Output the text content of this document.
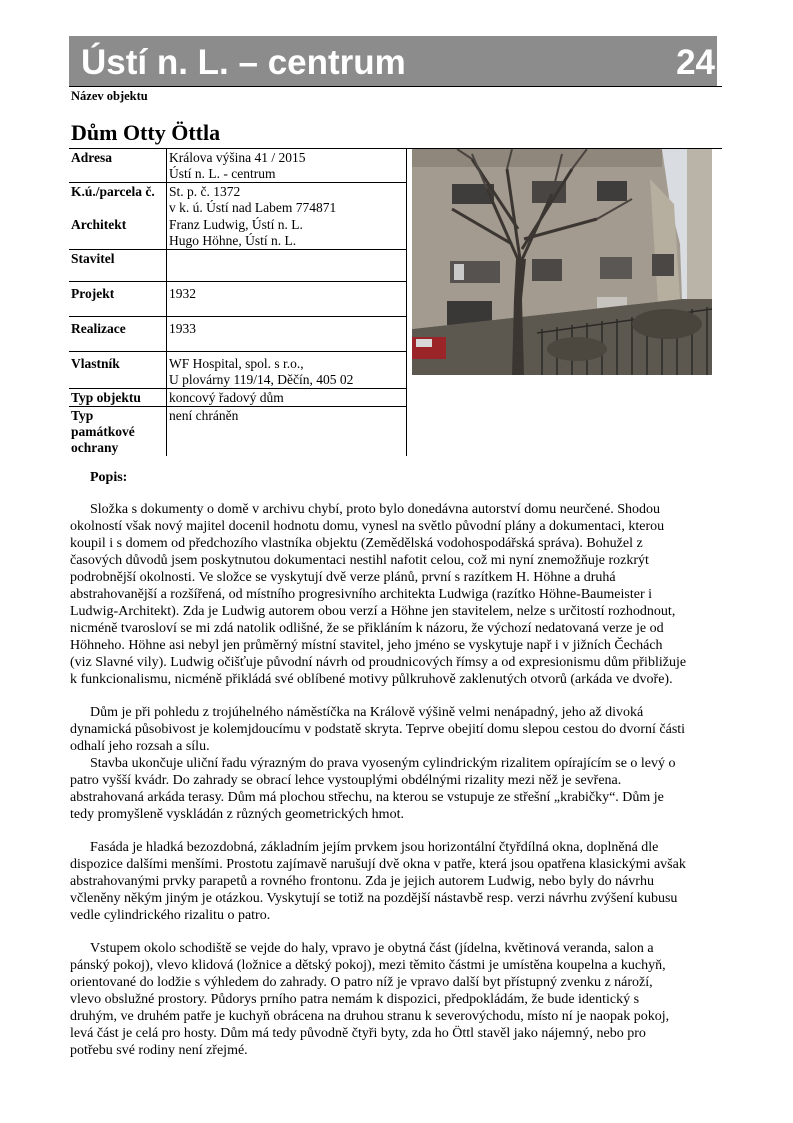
Ústí n. L. – centrum	24
Název objektu
Dům Otty Öttla
Adresa	Králova výšina 41 / 2015
Ústí n. L. - centrum
K.ú./parcela č.	St. p. č. 1372
v k. ú. Ústí nad Labem 774871
Architekt	Franz Ludwig, Ústí n. L.
Hugo Höhne, Ústí n. L.
Stavitel	
Projekt	1932
Realizace	1933
Vlastník	WF Hospital, spol. s r.o.,
U plovárny 119/14, Děčín, 405 02
Typ objektu	koncový řadový dům
Typ
památkové
ochrany	není chráněn
Popis:
Složka s dokumenty o domě v archivu chybí, proto bylo donedávna autorství domu neurčené. Shodou
okolností však nový majitel docenil hodnotu domu, vynesl na světlo původní plány a dokumentaci, kterou
koupil i s domem od předchozího vlastníka objektu (Zemědělská vodohospodářská správa). Bohužel z
časových důvodů jsem poskytnutou dokumentaci nestihl nafotit celou, což mi nyní znemožňuje rozkrýt
podrobnější okolnosti. Ve složce se vyskytují dvě verze plánů, první s razítkem H. Höhne a druhá
abstrahovanější a rozšířená, od místního progresivního architekta Ludwiga (razítko Höhne-Baumeister i
Ludwig-Architekt). Zda je Ludwig autorem obou verzí a Höhne jen stavitelem, nelze s určitostí rozhodnout,
nicméně tvarosloví se mi zdá natolik odlišné, že se přikláním k názoru, že výchozí nedatovaná verze je od
Höhneho. Höhne asi nebyl jen průměrný místní stavitel, jeho jméno se vyskytuje např i v jižních Čechách
(viz Slavné vily). Ludwig očišťuje původní návrh od proudnicových římsy a od expresionismu dům přibližuje
k funkcionalismu, nicméně přikládá své oblíbené motivy půlkruhově zaklenutých otvorů (arkáda ve dvoře).
Dům je při pohledu z trojúhelného náměstíčka na Královĕ výšině velmi nenápadný, jeho až divoká
dynamická působivost je kolemjdoucímu v podstatě skryta. Teprve obejití domu slepou cestou do dvorní části
odhalí jeho rozsah a sílu.
Stavba ukončuje uliční řadu výrazným do prava vyoseným cylindrickým rizalitem opírajícím se o levý o
patro vyšší kvádr. Do zahrady se obrací lehce vystouplými obdélnými rizality mezi něž je sevřena.
abstrahovaná arkáda terasy. Dům má plochou střechu, na kterou se vstupuje ze střešní „krabičky“. Dům je
tedy promyšleně vyskládán z různých geometrických hmot.
Fasáda je hladká bezozdobná, základním jejím prvkem jsou horizontální čtyřdílná okna, doplněná dle
dispozice dalšími menšími. Prostotu zajímavě narušují dvě okna v patře, která jsou opatřena klasickými avšak
abstrahovanými prvky parapetů a rovného frontonu. Zda je jejich autorem Ludwig, nebo byly do návrhu
včleněny někým jiným je otázkou. Vyskytují se totiž na pozdější nástavbě resp. verzi návrhu zvýšení kubusu
vedle cylindrického rizalitu o patro.
Vstupem okolo schodiště se vejde do haly, vpravo je obytná část (jídelna, květinová veranda, salon a
pánský pokoj), vlevo klidová (ložnice a dětský pokoj), mezi těmito částmi je umístěna koupelna a kuchyň,
orientované do lodžie s výhledem do zahrady. O patro níž je vpravo další byt přístupný zvenku z nároží,
vlevo obslužné prostory. Půdorys prního patra nemám k dispozici, předpokládám, že bude identický s
druhým, ve druhém patře je kuchyň obrácena na druhou stranu k severovýchodu, místo ní je naopak pokoj,
levá část je celá pro hosty. Dům má tedy původně čtyři byty, zda ho Öttl stavěl jako nájemný, nebo pro
potřebu své rodiny není zřejmé.
